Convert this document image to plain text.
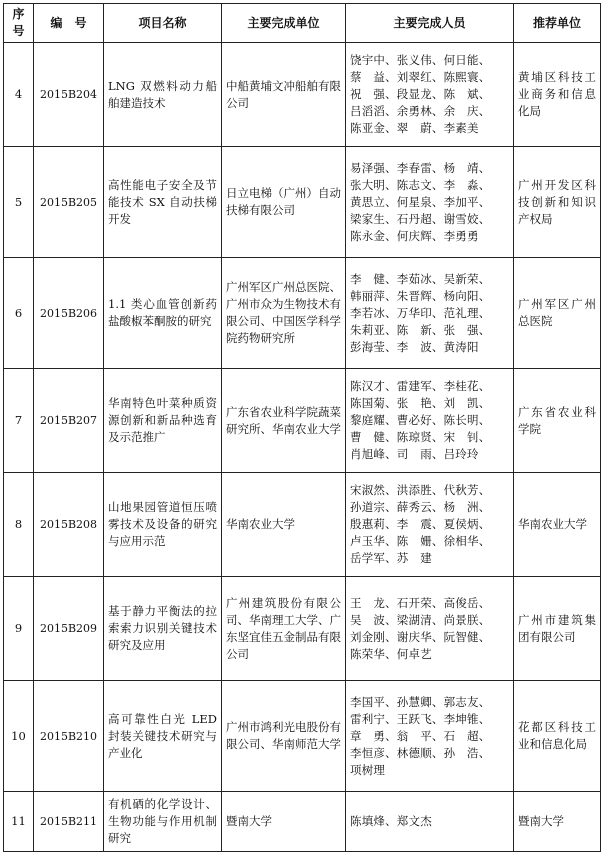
序号	编　号	项目名称	主要完成单位	主要完成人员	推荐单位
4	2015B204	LNG 双燃料动力船舶建造技术	中船黄埔文冲船舶有限公司	饶宇中、张义伟、何日能、
蔡　益、刘翠红、陈熙寰、
祝　强、段显龙、陈　斌、
吕滔滔、余勇林、余　庆、
陈亚金、翠　蔚、李素美	黄埔区科技工业商务和信息化局
5	2015B205	高性能电子安全及节能技术 SX 自动扶梯开发	日立电梯（广州）自动扶梯有限公司	易泽强、李春雷、杨　靖、
张大明、陈志文、李　淼、
黄思立、何星泉、李加平、
梁家生、石丹超、谢雪姣、
陈永金、何庆辉、李勇勇	广州开发区科技创新和知识产权局
6	2015B206	1.1 类心血管创新药盐酸椒苯酮胺的研究	广州军区广州总医院、广州市众为生物技术有限公司、中国医学科学院药物研究所	李　健、李茹冰、吴新荣、
韩丽萍、朱晋辉、杨向阳、
李若冰、万华印、范礼理、
朱莉亚、陈　新、张　强、
彭海莹、李　波、黄涛阳	广州军区广州总医院
7	2015B207	华南特色叶菜种质资源创新和新品种选育及示范推广	广东省农业科学院蔬菜研究所、华南农业大学	陈汉才、雷建军、李桂花、
陈国菊、张　艳、刘　凯、
黎庭耀、曹必好、陈长明、
曹　健、陈琼贤、宋　钊、
肖旭峰、司　雨、吕玲玲	广东省农业科学院
8	2015B208	山地果园管道恒压喷雾技术及设备的研究与应用示范	华南农业大学	宋淑然、洪添胜、代秋芳、
孙道宗、薛秀云、杨　洲、
殷惠莉、李　震、夏侯炳、
卢玉华、陈　姗、徐相华、
岳学军、苏　建	华南农业大学
9	2015B209	基于静力平衡法的拉索索力识别关键技术研究及应用	广州建筑股份有限公司、华南理工大学、广东坚宜佳五金制品有限公司	王　龙、石开荣、高俊岳、
吴　波、梁湖清、尚景朕、
刘金刚、谢庆华、阮智健、
陈荣华、何卓艺	广州市建筑集团有限公司
10	2015B210	高可靠性白光 LED 封装关键技术研究与产业化	广州市鸿利光电股份有限公司、华南师范大学	李国平、孙慧卿、郭志友、
雷利宁、王跃飞、李坤锥、
章　勇、翁　平、石　超、
李恒彦、林德顺、孙　浩、
项树理	花都区科技工业和信息化局
11	2015B211	有机硒的化学设计、生物功能与作用机制研究	暨南大学	陈填烽、郑文杰	暨南大学
